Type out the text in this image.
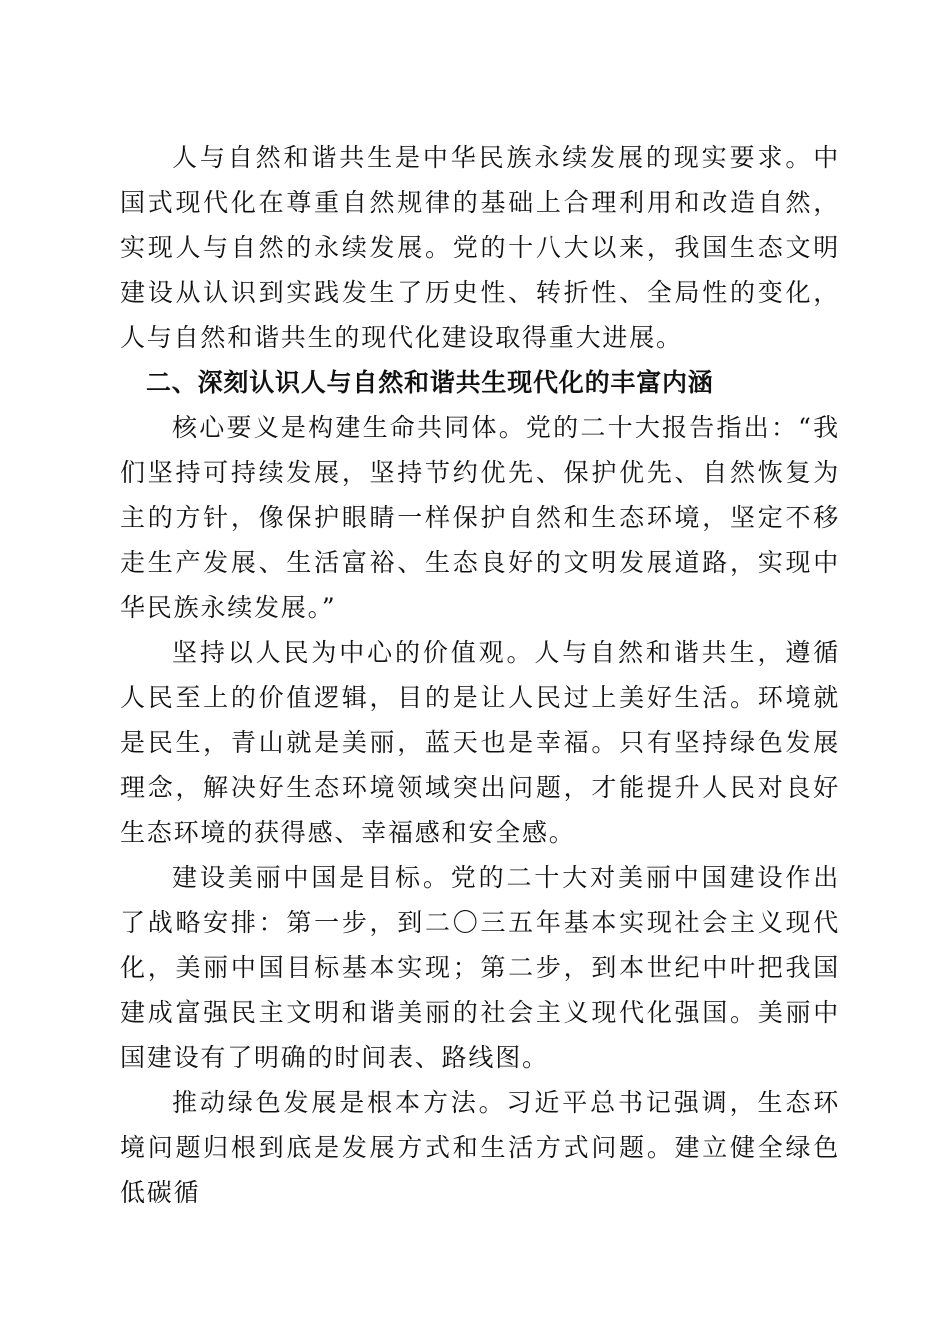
人与自然和谐共生是中华民族永续发展的现实要求。中国式现代化在尊重自然规律的基础上合理利用和改造自然，实现人与自然的永续发展。党的十八大以来，我国生态文明建设从认识到实践发生了历史性、转折性、全局性的变化，人与自然和谐共生的现代化建设取得重大进展。

二、深刻认识人与自然和谐共生现代化的丰富内涵

核心要义是构建生命共同体。党的二十大报告指出：“我们坚持可持续发展，坚持节约优先、保护优先、自然恢复为主的方针，像保护眼睛一样保护自然和生态环境，坚定不移走生产发展、生活富裕、生态良好的文明发展道路，实现中华民族永续发展。”

坚持以人民为中心的价值观。人与自然和谐共生，遵循人民至上的价值逻辑，目的是让人民过上美好生活。环境就是民生，青山就是美丽，蓝天也是幸福。只有坚持绿色发展理念，解决好生态环境领域突出问题，才能提升人民对良好生态环境的获得感、幸福感和安全感。

建设美丽中国是目标。党的二十大对美丽中国建设作出了战略安排：第一步，到二〇三五年基本实现社会主义现代化，美丽中国目标基本实现；第二步，到本世纪中叶把我国建成富强民主文明和谐美丽的社会主义现代化强国。美丽中国建设有了明确的时间表、路线图。

推动绿色发展是根本方法。习近平总书记强调，生态环境问题归根到底是发展方式和生活方式问题。建立健全绿色低碳循
